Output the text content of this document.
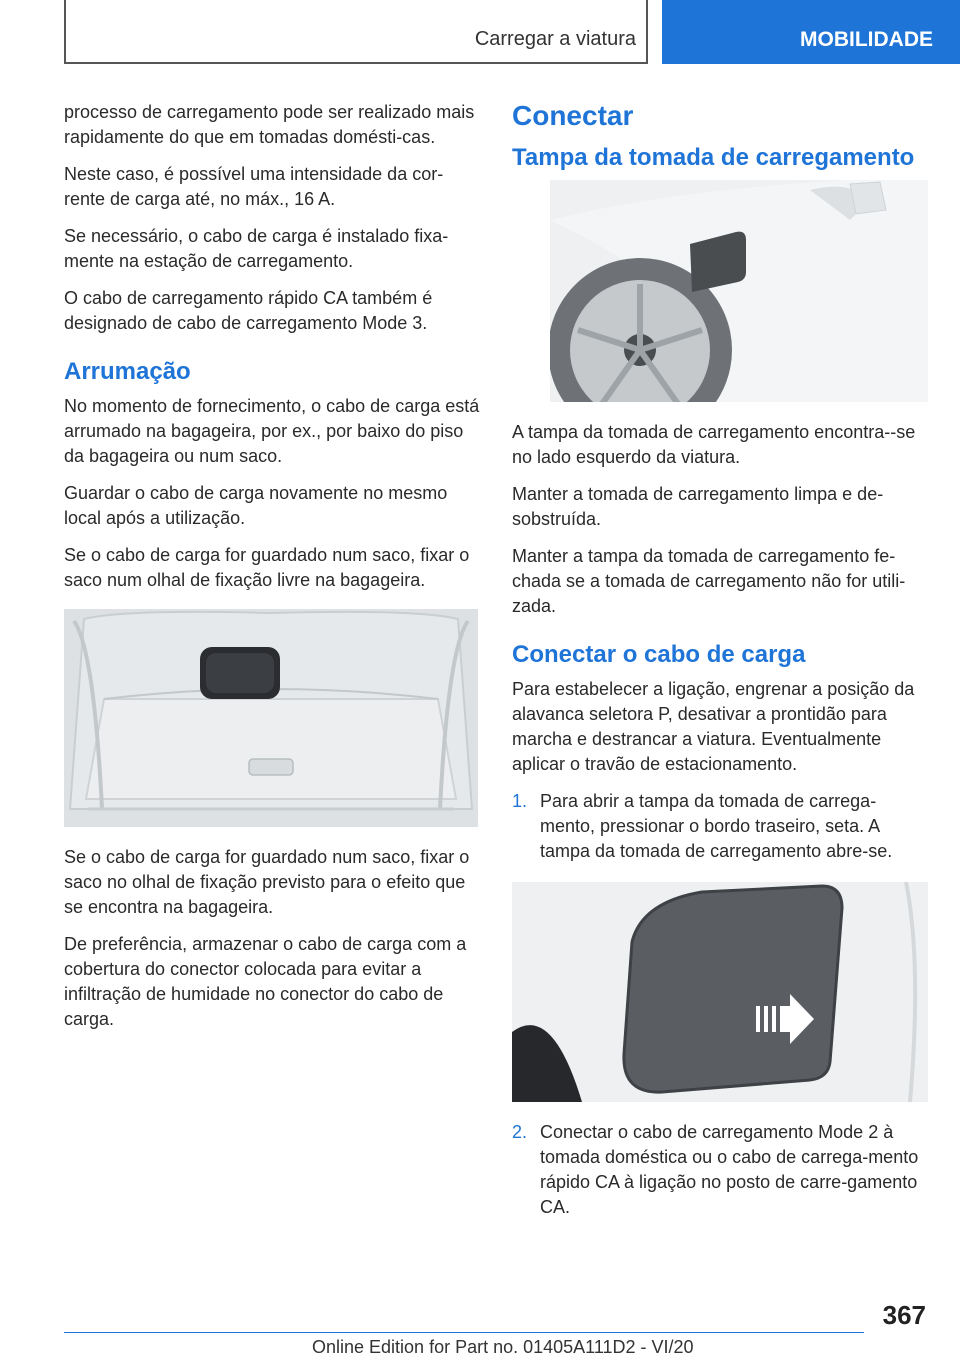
Carregar a viatura	MOBILIDADE

processo de carregamento pode ser realizado mais rapidamente do que em tomadas domésti‐cas.

Neste caso, é possível uma intensidade da cor‐rente de carga até, no máx., 16 A.

Se necessário, o cabo de carga é instalado fixa‐mente na estação de carregamento.

O cabo de carregamento rápido CA também é designado de cabo de carregamento Mode 3.

Arrumação

No momento de fornecimento, o cabo de carga está arrumado na bagageira, por ex., por baixo do piso da bagageira ou num saco.

Guardar o cabo de carga novamente no mesmo local após a utilização.

Se o cabo de carga for guardado num saco, fixar o saco num olhal de fixação livre na bagageira.

Se o cabo de carga for guardado num saco, fixar o saco no olhal de fixação previsto para o efeito que se encontra na bagageira.

De preferência, armazenar o cabo de carga com a cobertura do conector colocada para evitar a infiltração de humidade no conector do cabo de carga.

Conectar
Tampa da tomada de carregamento

A tampa da tomada de carregamento encontra‐-se no lado esquerdo da viatura.

Manter a tomada de carregamento limpa e de‐sobstruída.

Manter a tampa da tomada de carregamento fe‐chada se a tomada de carregamento não for utili‐zada.

Conectar o cabo de carga

Para estabelecer a ligação, engrenar a posição da alavanca seletora P, desativar a prontidão para marcha e destrancar a viatura. Eventualmente aplicar o travão de estacionamento.

1. Para abrir a tampa da tomada de carrega‐mento, pressionar o bordo traseiro, seta. A tampa da tomada de carregamento abre-se.
2. Conectar o cabo de carregamento Mode 2 à tomada doméstica ou o cabo de carrega‐mento rápido CA à ligação no posto de carre‐gamento CA.
367
Online Edition for Part no. 01405A111D2 - VI/20
